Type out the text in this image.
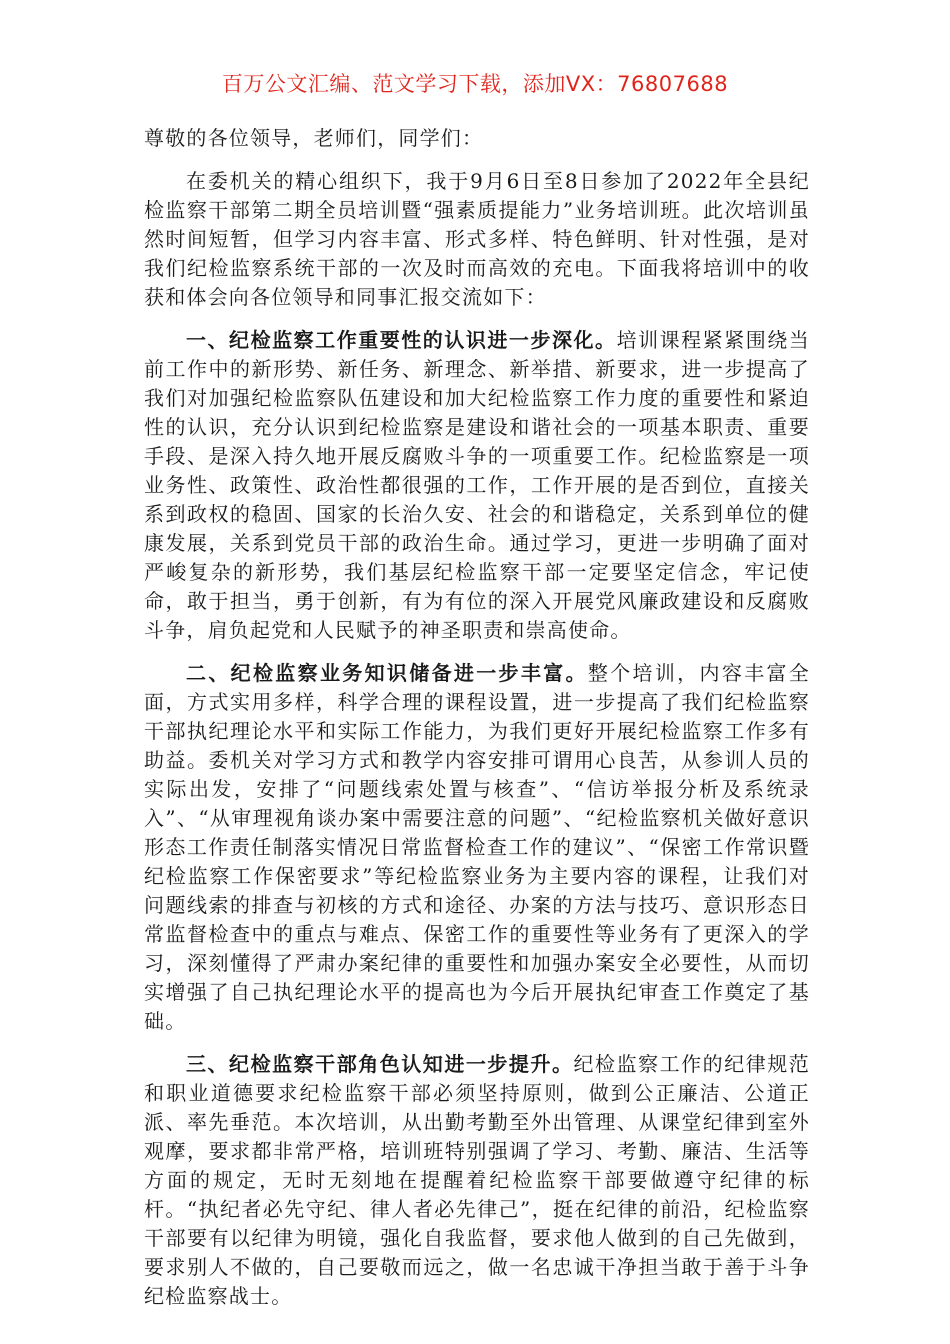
百万公文汇编、范文学习下载，添加VX：76807688

尊敬的各位领导，老师们，同学们：

在委机关的精心组织下，我于9月6日至8日参加了2022年全县纪检监察干部第二期全员培训暨“强素质提能力”业务培训班。此次培训虽然时间短暂，但学习内容丰富、形式多样、特色鲜明、针对性强，是对我们纪检监察系统干部的一次及时而高效的充电。下面我将培训中的收获和体会向各位领导和同事汇报交流如下：

一、纪检监察工作重要性的认识进一步深化。培训课程紧紧围绕当前工作中的新形势、新任务、新理念、新举措、新要求，进一步提高了我们对加强纪检监察队伍建设和加大纪检监察工作力度的重要性和紧迫性的认识，充分认识到纪检监察是建设和谐社会的一项基本职责、重要手段、是深入持久地开展反腐败斗争的一项重要工作。纪检监察是一项业务性、政策性、政治性都很强的工作，工作开展的是否到位，直接关系到政权的稳固、国家的长治久安、社会的和谐稳定，关系到单位的健康发展，关系到党员干部的政治生命。通过学习，更进一步明确了面对严峻复杂的新形势，我们基层纪检监察干部一定要坚定信念，牢记使命，敢于担当，勇于创新，有为有位的深入开展党风廉政建设和反腐败斗争，肩负起党和人民赋予的神圣职责和崇高使命。

二、纪检监察业务知识储备进一步丰富。整个培训，内容丰富全面，方式实用多样，科学合理的课程设置，进一步提高了我们纪检监察干部执纪理论水平和实际工作能力，为我们更好开展纪检监察工作多有助益。委机关对学习方式和教学内容安排可谓用心良苦，从参训人员的实际出发，安排了“问题线索处置与核查”、“信访举报分析及系统录入”、“从审理视角谈办案中需要注意的问题”、“纪检监察机关做好意识形态工作责任制落实情况日常监督检查工作的建议”、“保密工作常识暨纪检监察工作保密要求”等纪检监察业务为主要内容的课程，让我们对问题线索的排查与初核的方式和途径、办案的方法与技巧、意识形态日常监督检查中的重点与难点、保密工作的重要性等业务有了更深入的学习，深刻懂得了严肃办案纪律的重要性和加强办案安全必要性，从而切实增强了自己执纪理论水平的提高也为今后开展执纪审查工作奠定了基础。

三、纪检监察干部角色认知进一步提升。纪检监察工作的纪律规范和职业道德要求纪检监察干部必须坚持原则，做到公正廉洁、公道正派、率先垂范。本次培训，从出勤考勤至外出管理、从课堂纪律到室外观摩，要求都非常严格，培训班特别强调了学习、考勤、廉洁、生活等方面的规定，无时无刻地在提醒着纪检监察干部要做遵守纪律的标杆。“执纪者必先守纪、律人者必先律己”，挺在纪律的前沿，纪检监察干部要有以纪律为明镜，强化自我监督，要求他人做到的自己先做到，要求别人不做的，自己要敬而远之，做一名忠诚干净担当敢于善于斗争纪检监察战士。
